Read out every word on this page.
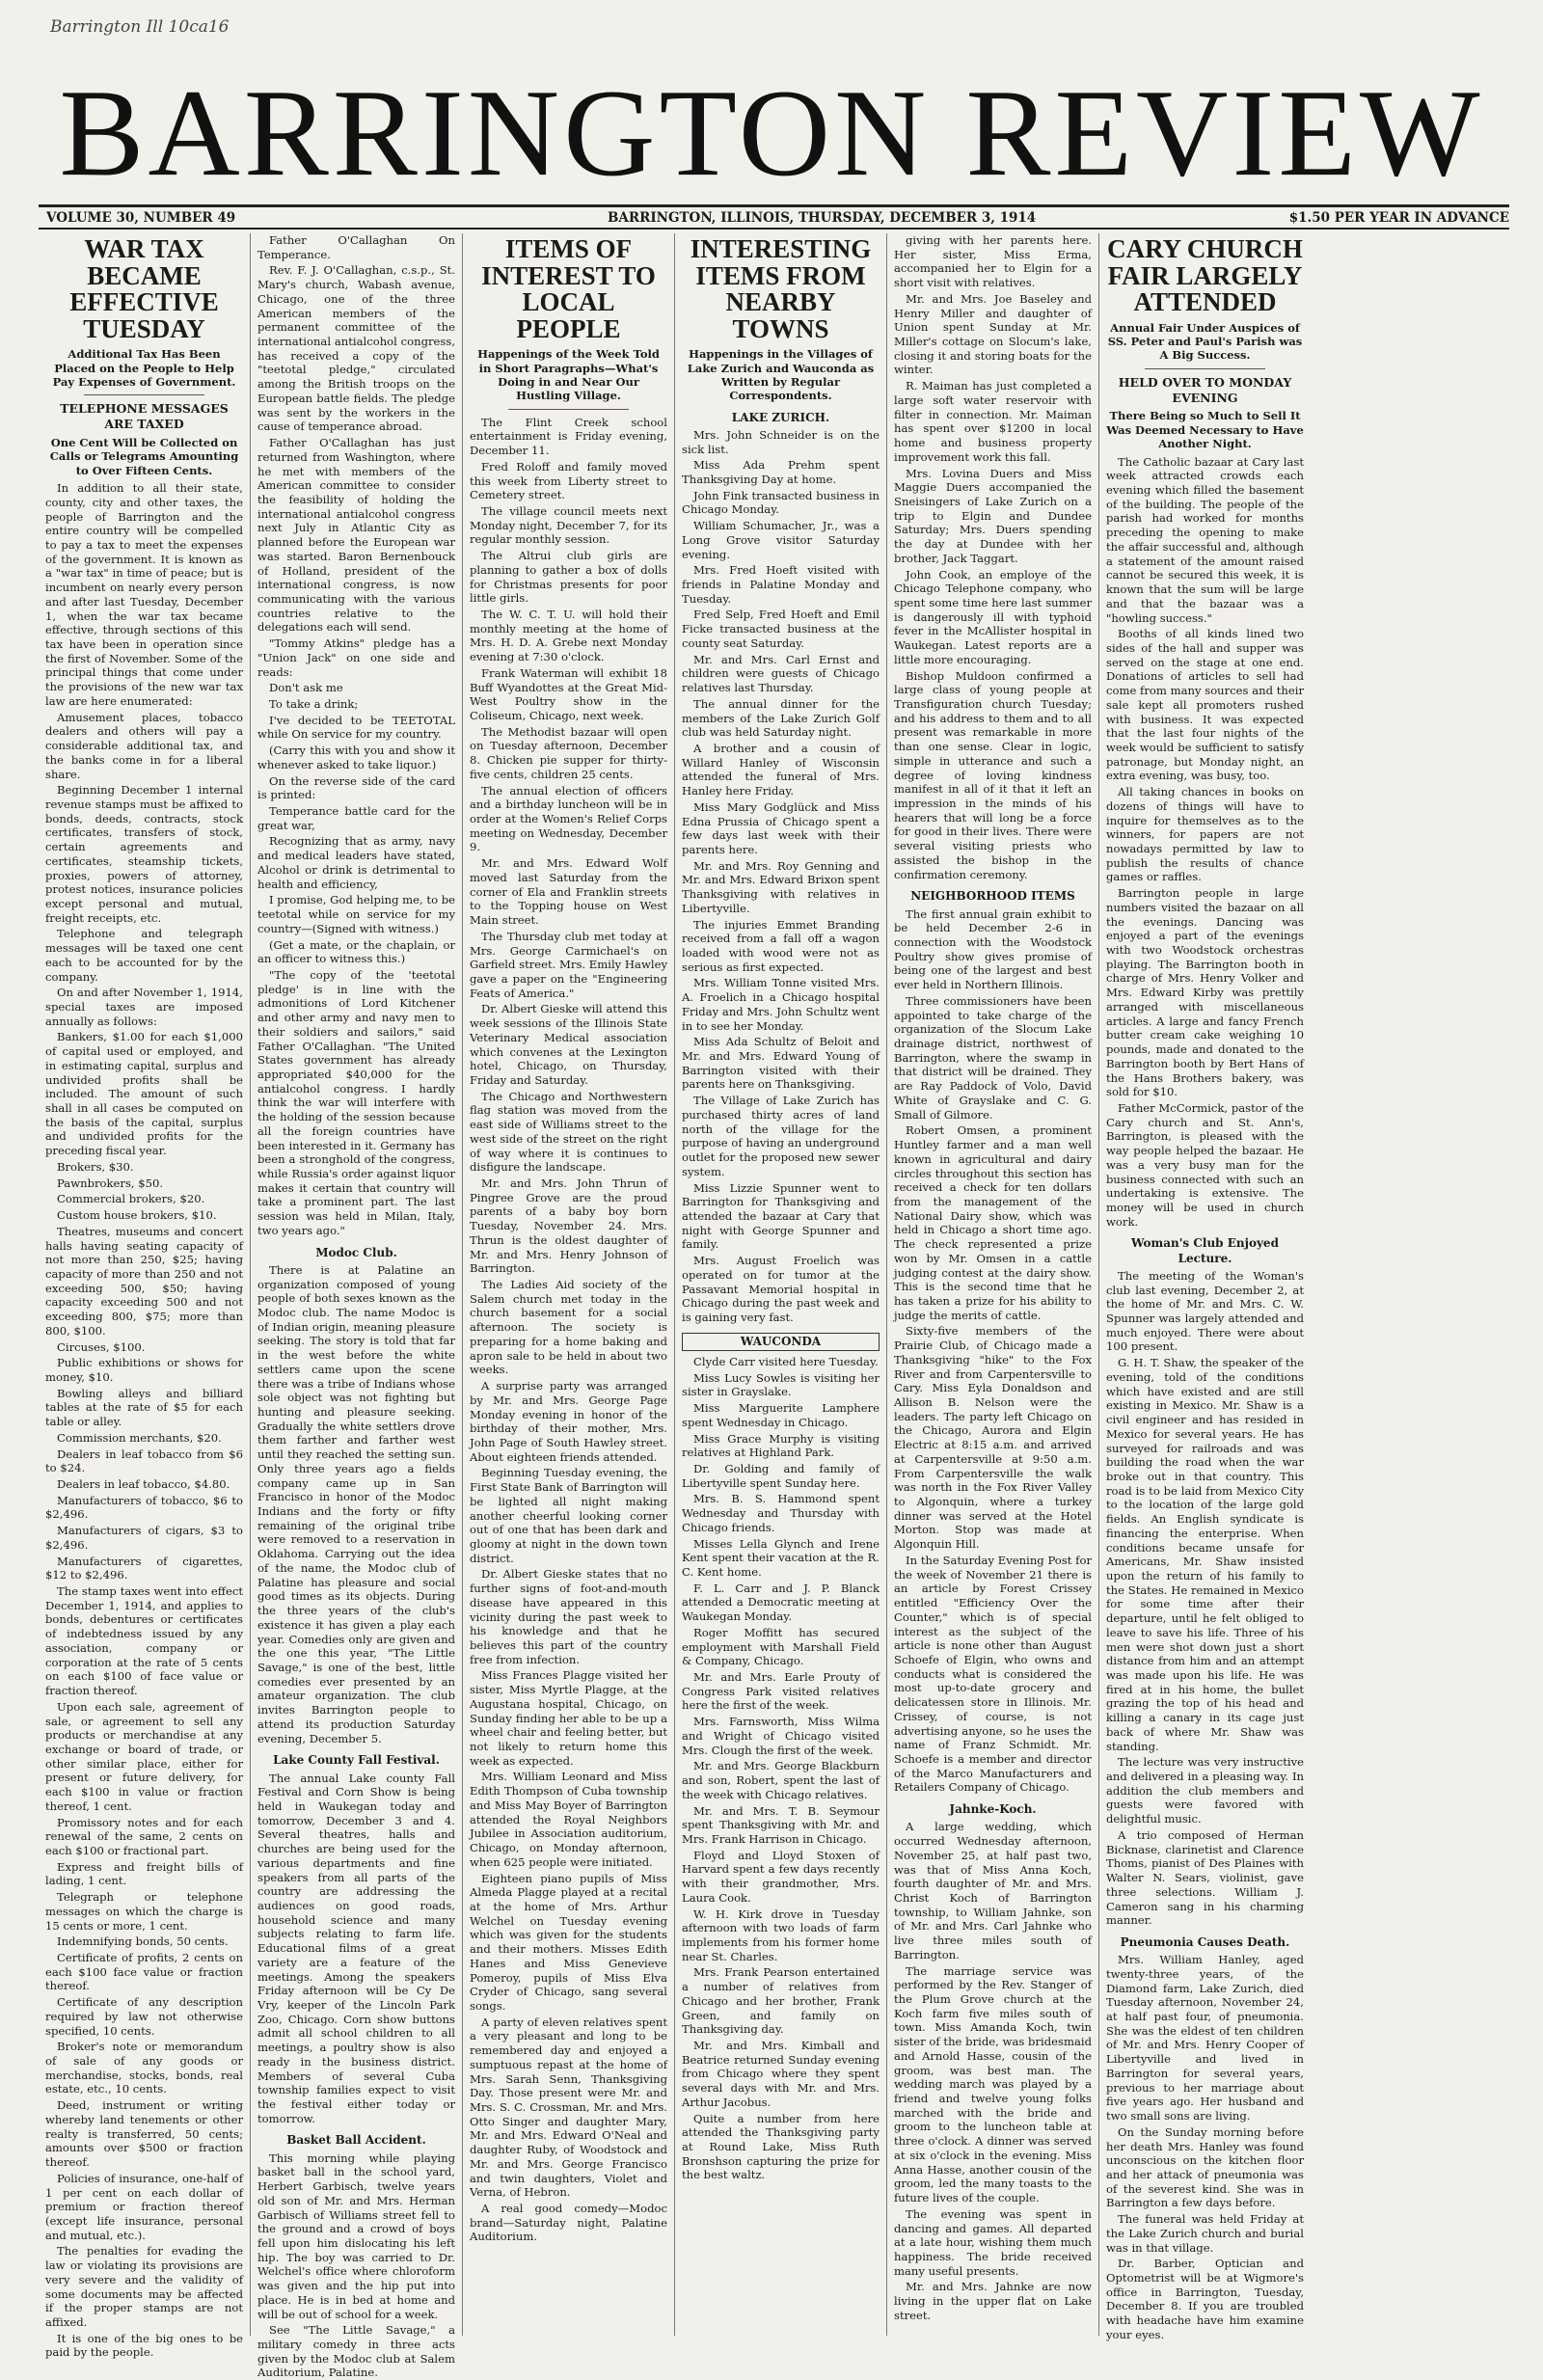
Barrington Ill 10ca16
BARRINGTON REVIEW
VOLUME 30, NUMBER 49	BARRINGTON, ILLINOIS, THURSDAY, DECEMBER 3, 1914	$1.50 PER YEAR IN ADVANCE
WAR TAX BECAME EFFECTIVE TUESDAY
Additional Tax Has Been Placed on the People to Help Pay Expenses of Government.
TELEPHONE MESSAGES ARE TAXED
One Cent Will be Collected on Calls or Telegrams Amounting to Over Fifteen Cents.

In addition to all their state, county, city and other taxes, the people of Barrington and the entire country will be compelled to pay a tax to meet the expenses of the government. It is known as a "war tax" in time of peace; but is incumbent on nearly every person and after last Tuesday, December 1, when the war tax became effective, through sections of this tax have been in operation since the first of November. Some of the principal things that come under the provisions of the new war tax law are here enumerated:

Amusement places, tobacco dealers and others will pay a considerable additional tax, and the banks come in for a liberal share.

Beginning December 1 internal revenue stamps must be affixed to bonds, deeds, contracts, stock certificates, transfers of stock, certain agreements and certificates, steamship tickets, proxies, powers of attorney, protest notices, insurance policies except personal and mutual, freight receipts, etc.

Telephone and telegraph messages will be taxed one cent each to be accounted for by the company.

On and after November 1, 1914, special taxes are imposed annually as follows:

Bankers, $1.00 for each $1,000 of capital used or employed, and in estimating capital, surplus and undivided profits shall be included. The amount of such shall in all cases be computed on the basis of the capital, surplus and undivided profits for the preceding fiscal year.

Brokers, $30.

Pawnbrokers, $50.

Commercial brokers, $20.

Custom house brokers, $10.

Theatres, museums and concert halls having seating capacity of not more than 250, $25; having capacity of more than 250 and not exceeding 500, $50; having capacity exceeding 500 and not exceeding 800, $75; more than 800, $100.

Circuses, $100.

Public exhibitions or shows for money, $10.

Bowling alleys and billiard tables at the rate of $5 for each table or alley.

Commission merchants, $20.

Dealers in leaf tobacco from $6 to $24.

Dealers in leaf tobacco, $4.80.

Manufacturers of tobacco, $6 to $2,496.

Manufacturers of cigars, $3 to $2,496.

Manufacturers of cigarettes, $12 to $2,496.

The stamp taxes went into effect December 1, 1914, and applies to bonds, debentures or certificates of indebtedness issued by any association, company or corporation at the rate of 5 cents on each $100 of face value or fraction thereof.

Upon each sale, agreement of sale, or agreement to sell any products or merchandise at any exchange or board of trade, or other similar place, either for present or future delivery, for each $100 in value or fraction thereof, 1 cent.

Promissory notes and for each renewal of the same, 2 cents on each $100 or fractional part.

Express and freight bills of lading, 1 cent.

Telegraph or telephone messages on which the charge is 15 cents or more, 1 cent.

Indemnifying bonds, 50 cents.

Certificate of profits, 2 cents on each $100 face value or fraction thereof.

Certificate of any description required by law not otherwise specified, 10 cents.

Broker's note or memorandum of sale of any goods or merchandise, stocks, bonds, real estate, etc., 10 cents.

Deed, instrument or writing whereby land tenements or other realty is transferred, 50 cents; amounts over $500 or fraction thereof.

Policies of insurance, one-half of 1 per cent on each dollar of premium or fraction thereof (except life insurance, personal and mutual, etc.).

The penalties for evading the law or violating its provisions are very severe and the validity of some documents may be affected if the proper stamps are not affixed.

It is one of the big ones to be paid by the people.

Father O'Callaghan On Temperance.

Rev. F. J. O'Callaghan, c.s.p., St. Mary's church, Wabash avenue, Chicago, one of the three American members of the permanent committee of the international antialcohol congress, has received a copy of the "teetotal pledge," circulated among the British troops on the European battle fields. The pledge was sent by the workers in the cause of temperance abroad.

Father O'Callaghan has just returned from Washington, where he met with members of the American committee to consider the feasibility of holding the international antialcohol congress next July in Atlantic City as planned before the European war was started. Baron Bernenbouck of Holland, president of the international congress, is now communicating with the various countries relative to the delegations each will send.

"Tommy Atkins" pledge has a "Union Jack" on one side and reads:

Don't ask me

To take a drink;

I've decided to be TEETOTAL while On service for my country.

(Carry this with you and show it whenever asked to take liquor.)

On the reverse side of the card is printed:

Temperance battle card for the great war,

Recognizing that as army, navy and medical leaders have stated, Alcohol or drink is detrimental to health and efficiency,

I promise, God helping me, to be teetotal while on service for my country—(Signed with witness.)

(Get a mate, or the chaplain, or an officer to witness this.)

"The copy of the 'teetotal pledge' is in line with the admonitions of Lord Kitchener and other army and navy men to their soldiers and sailors," said Father O'Callaghan. "The United States government has already appropriated $40,000 for the antialcohol congress. I hardly think the war will interfere with the holding of the session because all the foreign countries have been interested in it. Germany has been a stronghold of the congress, while Russia's order against liquor makes it certain that country will take a prominent part. The last session was held in Milan, Italy, two years ago."

Modoc Club.

There is at Palatine an organization composed of young people of both sexes known as the Modoc club. The name Modoc is of Indian origin, meaning pleasure seeking. The story is told that far in the west before the white settlers came upon the scene there was a tribe of Indians whose sole object was not fighting but hunting and pleasure seeking. Gradually the white settlers drove them farther and farther west until they reached the setting sun. Only three years ago a fields company came up in San Francisco in honor of the Modoc Indians and the forty or fifty remaining of the original tribe were removed to a reservation in Oklahoma. Carrying out the idea of the name, the Modoc club of Palatine has pleasure and social good times as its objects. During the three years of the club's existence it has given a play each year. Comedies only are given and the one this year, "The Little Savage," is one of the best, little comedies ever presented by an amateur organization. The club invites Barrington people to attend its production Saturday evening, December 5.

Lake County Fall Festival.

The annual Lake county Fall Festival and Corn Show is being held in Waukegan today and tomorrow, December 3 and 4. Several theatres, halls and churches are being used for the various departments and fine speakers from all parts of the country are addressing the audiences on good roads, household science and many subjects relating to farm life. Educational films of a great variety are a feature of the meetings. Among the speakers Friday afternoon will be Cy De Vry, keeper of the Lincoln Park Zoo, Chicago. Corn show buttons admit all school children to all meetings, a poultry show is also ready in the business district. Members of several Cuba township families expect to visit the festival either today or tomorrow.

Basket Ball Accident.

This morning while playing basket ball in the school yard, Herbert Garbisch, twelve years old son of Mr. and Mrs. Herman Garbisch of Williams street fell to the ground and a crowd of boys fell upon him dislocating his left hip. The boy was carried to Dr. Welchel's office where chloroform was given and the hip put into place. He is in bed at home and will be out of school for a week.

See "The Little Savage," a military comedy in three acts given by the Modoc club at Salem Auditorium, Palatine.

ITEMS OF INTEREST TO LOCAL PEOPLE
Happenings of the Week Told in Short Paragraphs—What's Doing in and Near Our Hustling Village.

The Flint Creek school entertainment is Friday evening, December 11.

Fred Roloff and family moved this week from Liberty street to Cemetery street.

The village council meets next Monday night, December 7, for its regular monthly session.

The Altrui club girls are planning to gather a box of dolls for Christmas presents for poor little girls.

The W. C. T. U. will hold their monthly meeting at the home of Mrs. H. D. A. Grebe next Monday evening at 7:30 o'clock.

Frank Waterman will exhibit 18 Buff Wyandottes at the Great Mid-West Poultry show in the Coliseum, Chicago, next week.

The Methodist bazaar will open on Tuesday afternoon, December 8. Chicken pie supper for thirty-five cents, children 25 cents.

The annual election of officers and a birthday luncheon will be in order at the Women's Relief Corps meeting on Wednesday, December 9.

Mr. and Mrs. Edward Wolf moved last Saturday from the corner of Ela and Franklin streets to the Topping house on West Main street.

The Thursday club met today at Mrs. George Carmichael's on Garfield street. Mrs. Emily Hawley gave a paper on the "Engineering Feats of America."

Dr. Albert Gieske will attend this week sessions of the Illinois State Veterinary Medical association which convenes at the Lexington hotel, Chicago, on Thursday, Friday and Saturday.

The Chicago and Northwestern flag station was moved from the east side of Williams street to the west side of the street on the right of way where it is continues to disfigure the landscape.

Mr. and Mrs. John Thrun of Pingree Grove are the proud parents of a baby boy born Tuesday, November 24. Mrs. Thrun is the oldest daughter of Mr. and Mrs. Henry Johnson of Barrington.

The Ladies Aid society of the Salem church met today in the church basement for a social afternoon. The society is preparing for a home baking and apron sale to be held in about two weeks.

A surprise party was arranged by Mr. and Mrs. George Page Monday evening in honor of the birthday of their mother, Mrs. John Page of South Hawley street. About eighteen friends attended.

Beginning Tuesday evening, the First State Bank of Barrington will be lighted all night making another cheerful looking corner out of one that has been dark and gloomy at night in the down town district.

Dr. Albert Gieske states that no further signs of foot-and-mouth disease have appeared in this vicinity during the past week to his knowledge and that he believes this part of the country free from infection.

Miss Frances Plagge visited her sister, Miss Myrtle Plagge, at the Augustana hospital, Chicago, on Sunday finding her able to be up a wheel chair and feeling better, but not likely to return home this week as expected.

Mrs. William Leonard and Miss Edith Thompson of Cuba township and Miss May Boyer of Barrington attended the Royal Neighbors Jubilee in Association auditorium, Chicago, on Monday afternoon, when 625 people were initiated.

Eighteen piano pupils of Miss Almeda Plagge played at a recital at the home of Mrs. Arthur Welchel on Tuesday evening which was given for the students and their mothers. Misses Edith Hanes and Miss Genevieve Pomeroy, pupils of Miss Elva Cryder of Chicago, sang several songs.

A party of eleven relatives spent a very pleasant and long to be remembered day and enjoyed a sumptuous repast at the home of Mrs. Sarah Senn, Thanksgiving Day. Those present were Mr. and Mrs. S. C. Crossman, Mr. and Mrs. Otto Singer and daughter Mary, Mr. and Mrs. Edward O'Neal and daughter Ruby, of Woodstock and Mr. and Mrs. George Francisco and twin daughters, Violet and Verna, of Hebron.

A real good comedy—Modoc brand—Saturday night, Palatine Auditorium.

INTERESTING ITEMS FROM NEARBY TOWNS
Happenings in the Villages of Lake Zurich and Wauconda as Written by Regular Correspondents.
LAKE ZURICH.

Mrs. John Schneider is on the sick list.

Miss Ada Prehm spent Thanksgiving Day at home.

John Fink transacted business in Chicago Monday.

William Schumacher, Jr., was a Long Grove visitor Saturday evening.

Mrs. Fred Hoeft visited with friends in Palatine Monday and Tuesday.

Fred Selp, Fred Hoeft and Emil Ficke transacted business at the county seat Saturday.

Mr. and Mrs. Carl Ernst and children were guests of Chicago relatives last Thursday.

The annual dinner for the members of the Lake Zurich Golf club was held Saturday night.

A brother and a cousin of Willard Hanley of Wisconsin attended the funeral of Mrs. Hanley here Friday.

Miss Mary Godglück and Miss Edna Prussia of Chicago spent a few days last week with their parents here.

Mr. and Mrs. Roy Genning and Mr. and Mrs. Edward Brixon spent Thanksgiving with relatives in Libertyville.

The injuries Emmet Branding received from a fall off a wagon loaded with wood were not as serious as first expected.

Mrs. William Tonne visited Mrs. A. Froelich in a Chicago hospital Friday and Mrs. John Schultz went in to see her Monday.

Miss Ada Schultz of Beloit and Mr. and Mrs. Edward Young of Barrington visited with their parents here on Thanksgiving.

The Village of Lake Zurich has purchased thirty acres of land north of the village for the purpose of having an underground outlet for the proposed new sewer system.

Miss Lizzie Spunner went to Barrington for Thanksgiving and attended the bazaar at Cary that night with George Spunner and family.

Mrs. August Froelich was operated on for tumor at the Passavant Memorial hospital in Chicago during the past week and is gaining very fast.

WAUCONDA

Clyde Carr visited here Tuesday.

Miss Lucy Sowles is visiting her sister in Grayslake.

Miss Marguerite Lamphere spent Wednesday in Chicago.

Miss Grace Murphy is visiting relatives at Highland Park.

Dr. Golding and family of Libertyville spent Sunday here.

Mrs. B. S. Hammond spent Wednesday and Thursday with Chicago friends.

Misses Lella Glynch and Irene Kent spent their vacation at the R. C. Kent home.

F. L. Carr and J. P. Blanck attended a Democratic meeting at Waukegan Monday.

Roger Moffitt has secured employment with Marshall Field & Company, Chicago.

Mr. and Mrs. Earle Prouty of Congress Park visited relatives here the first of the week.

Mrs. Farnsworth, Miss Wilma and Wright of Chicago visited Mrs. Clough the first of the week.

Mr. and Mrs. George Blackburn and son, Robert, spent the last of the week with Chicago relatives.

Mr. and Mrs. T. B. Seymour spent Thanksgiving with Mr. and Mrs. Frank Harrison in Chicago.

Floyd and Lloyd Stoxen of Harvard spent a few days recently with their grandmother, Mrs. Laura Cook.

W. H. Kirk drove in Tuesday afternoon with two loads of farm implements from his former home near St. Charles.

Mrs. Frank Pearson entertained a number of relatives from Chicago and her brother, Frank Green, and family on Thanksgiving day.

Mr. and Mrs. Kimball and Beatrice returned Sunday evening from Chicago where they spent several days with Mr. and Mrs. Arthur Jacobus.

Quite a number from here attended the Thanksgiving party at Round Lake, Miss Ruth Bronshson capturing the prize for the best waltz.

giving with her parents here. Her sister, Miss Erma, accompanied her to Elgin for a short visit with relatives.

Mr. and Mrs. Joe Baseley and Henry Miller and daughter of Union spent Sunday at Mr. Miller's cottage on Slocum's lake, closing it and storing boats for the winter.

R. Maiman has just completed a large soft water reservoir with filter in connection. Mr. Maiman has spent over $1200 in local home and business property improvement work this fall.

Mrs. Lovina Duers and Miss Maggie Duers accompanied the Sneisingers of Lake Zurich on a trip to Elgin and Dundee Saturday; Mrs. Duers spending the day at Dundee with her brother, Jack Taggart.

John Cook, an employe of the Chicago Telephone company, who spent some time here last summer is dangerously ill with typhoid fever in the McAllister hospital in Waukegan. Latest reports are a little more encouraging.

Bishop Muldoon confirmed a large class of young people at Transfiguration church Tuesday; and his address to them and to all present was remarkable in more than one sense. Clear in logic, simple in utterance and such a degree of loving kindness manifest in all of it that it left an impression in the minds of his hearers that will long be a force for good in their lives. There were several visiting priests who assisted the bishop in the confirmation ceremony.

NEIGHBORHOOD ITEMS

The first annual grain exhibit to be held December 2-6 in connection with the Woodstock Poultry show gives promise of being one of the largest and best ever held in Northern Illinois.

Three commissioners have been appointed to take charge of the organization of the Slocum Lake drainage district, northwest of Barrington, where the swamp in that district will be drained. They are Ray Paddock of Volo, David White of Grayslake and C. G. Small of Gilmore.

Robert Omsen, a prominent Huntley farmer and a man well known in agricultural and dairy circles throughout this section has received a check for ten dollars from the management of the National Dairy show, which was held in Chicago a short time ago. The check represented a prize won by Mr. Omsen in a cattle judging contest at the dairy show. This is the second time that he has taken a prize for his ability to judge the merits of cattle.

Sixty-five members of the Prairie Club, of Chicago made a Thanksgiving "hike" to the Fox River and from Carpentersville to Cary. Miss Eyla Donaldson and Allison B. Nelson were the leaders. The party left Chicago on the Chicago, Aurora and Elgin Electric at 8:15 a.m. and arrived at Carpentersville at 9:50 a.m. From Carpentersville the walk was north in the Fox River Valley to Algonquin, where a turkey dinner was served at the Hotel Morton. Stop was made at Algonquin Hill.

In the Saturday Evening Post for the week of November 21 there is an article by Forest Crissey entitled "Efficiency Over the Counter," which is of special interest as the subject of the article is none other than August Schoefe of Elgin, who owns and conducts what is considered the most up-to-date grocery and delicatessen store in Illinois. Mr. Crissey, of course, is not advertising anyone, so he uses the name of Franz Schmidt. Mr. Schoefe is a member and director of the Marco Manufacturers and Retailers Company of Chicago.

Jahnke-Koch.

A large wedding, which occurred Wednesday afternoon, November 25, at half past two, was that of Miss Anna Koch, fourth daughter of Mr. and Mrs. Christ Koch of Barrington township, to William Jahnke, son of Mr. and Mrs. Carl Jahnke who live three miles south of Barrington.

The marriage service was performed by the Rev. Stanger of the Plum Grove church at the Koch farm five miles south of town. Miss Amanda Koch, twin sister of the bride, was bridesmaid and Arnold Hasse, cousin of the groom, was best man. The wedding march was played by a friend and twelve young folks marched with the bride and groom to the luncheon table at three o'clock. A dinner was served at six o'clock in the evening. Miss Anna Hasse, another cousin of the groom, led the many toasts to the future lives of the couple.

The evening was spent in dancing and games. All departed at a late hour, wishing them much happiness. The bride received many useful presents.

Mr. and Mrs. Jahnke are now living in the upper flat on Lake street.

CARY CHURCH FAIR LARGELY ATTENDED
Annual Fair Under Auspices of SS. Peter and Paul's Parish was A Big Success.
HELD OVER TO MONDAY EVENING
There Being so Much to Sell It Was Deemed Necessary to Have Another Night.

The Catholic bazaar at Cary last week attracted crowds each evening which filled the basement of the building. The people of the parish had worked for months preceding the opening to make the affair successful and, although a statement of the amount raised cannot be secured this week, it is known that the sum will be large and that the bazaar was a "howling success."

Booths of all kinds lined two sides of the hall and supper was served on the stage at one end. Donations of articles to sell had come from many sources and their sale kept all promoters rushed with business. It was expected that the last four nights of the week would be sufficient to satisfy patronage, but Monday night, an extra evening, was busy, too.

All taking chances in books on dozens of things will have to inquire for themselves as to the winners, for papers are not nowadays permitted by law to publish the results of chance games or raffles.

Barrington people in large numbers visited the bazaar on all the evenings. Dancing was enjoyed a part of the evenings with two Woodstock orchestras playing. The Barrington booth in charge of Mrs. Henry Volker and Mrs. Edward Kirby was prettily arranged with miscellaneous articles. A large and fancy French butter cream cake weighing 10 pounds, made and donated to the Barrington booth by Bert Hans of the Hans Brothers bakery, was sold for $10.

Father McCormick, pastor of the Cary church and St. Ann's, Barrington, is pleased with the way people helped the bazaar. He was a very busy man for the business connected with such an undertaking is extensive. The money will be used in church work.

Woman's Club Enjoyed Lecture.

The meeting of the Woman's club last evening, December 2, at the home of Mr. and Mrs. C. W. Spunner was largely attended and much enjoyed. There were about 100 present.

G. H. T. Shaw, the speaker of the evening, told of the conditions which have existed and are still existing in Mexico. Mr. Shaw is a civil engineer and has resided in Mexico for several years. He has surveyed for railroads and was building the road when the war broke out in that country. This road is to be laid from Mexico City to the location of the large gold fields. An English syndicate is financing the enterprise. When conditions became unsafe for Americans, Mr. Shaw insisted upon the return of his family to the States. He remained in Mexico for some time after their departure, until he felt obliged to leave to save his life. Three of his men were shot down just a short distance from him and an attempt was made upon his life. He was fired at in his home, the bullet grazing the top of his head and killing a canary in its cage just back of where Mr. Shaw was standing.

The lecture was very instructive and delivered in a pleasing way. In addition the club members and guests were favored with delightful music.

A trio composed of Herman Bicknase, clarinetist and Clarence Thoms, pianist of Des Plaines with Walter N. Sears, violinist, gave three selections. William J. Cameron sang in his charming manner.

Pneumonia Causes Death.

Mrs. William Hanley, aged twenty-three years, of the Diamond farm, Lake Zurich, died Tuesday afternoon, November 24, at half past four, of pneumonia. She was the eldest of ten children of Mr. and Mrs. Henry Cooper of Libertyville and lived in Barrington for several years, previous to her marriage about five years ago. Her husband and two small sons are living.

On the Sunday morning before her death Mrs. Hanley was found unconscious on the kitchen floor and her attack of pneumonia was of the severest kind. She was in Barrington a few days before.

The funeral was held Friday at the Lake Zurich church and burial was in that village.

Dr. Barber, Optician and Optometrist will be at Wigmore's office in Barrington, Tuesday, December 8. If you are troubled with headache have him examine your eyes.
